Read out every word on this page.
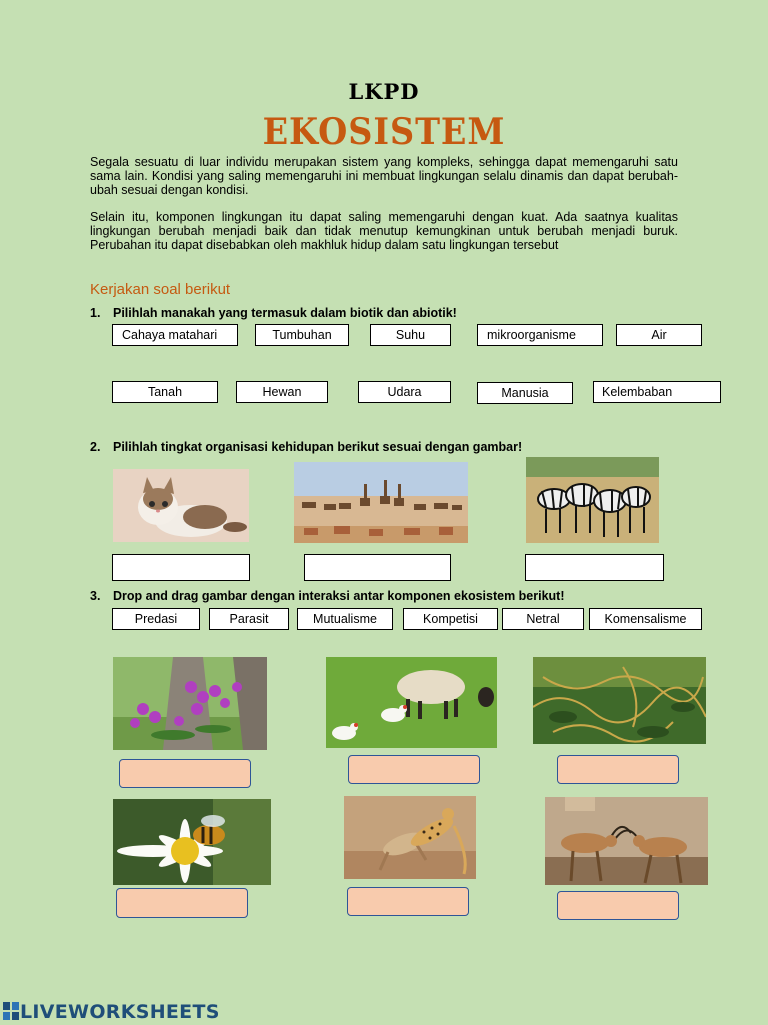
LKPD
EKOSISTEM
Segala sesuatu di luar individu merupakan sistem yang kompleks, sehingga dapat memengaruhi satu sama lain. Kondisi yang saling memengaruhi ini membuat lingkungan selalu dinamis dan dapat berubah-ubah sesuai dengan kondisi.
Selain itu, komponen lingkungan itu dapat saling memengaruhi dengan kuat. Ada saatnya kualitas lingkungan berubah menjadi baik dan tidak menutup kemungkinan untuk berubah menjadi buruk. Perubahan itu dapat disebabkan oleh makhluk hidup dalam satu lingkungan tersebut
Kerjakan soal berikut
1. Pilihlah manakah yang termasuk dalam biotik dan abiotik!
Cahaya matahari	Tumbuhan	Suhu	mikroorganisme	Air
Tanah	Hewan	Udara	Manusia	Kelembaban
2. Pilihlah tingkat organisasi kehidupan berikut sesuai dengan gambar!
3. Drop and drag gambar dengan interaksi antar komponen ekosistem berikut!
Predasi	Parasit	Mutualisme	Kompetisi	Netral	Komensalisme
LIVEWORKSHEETS
